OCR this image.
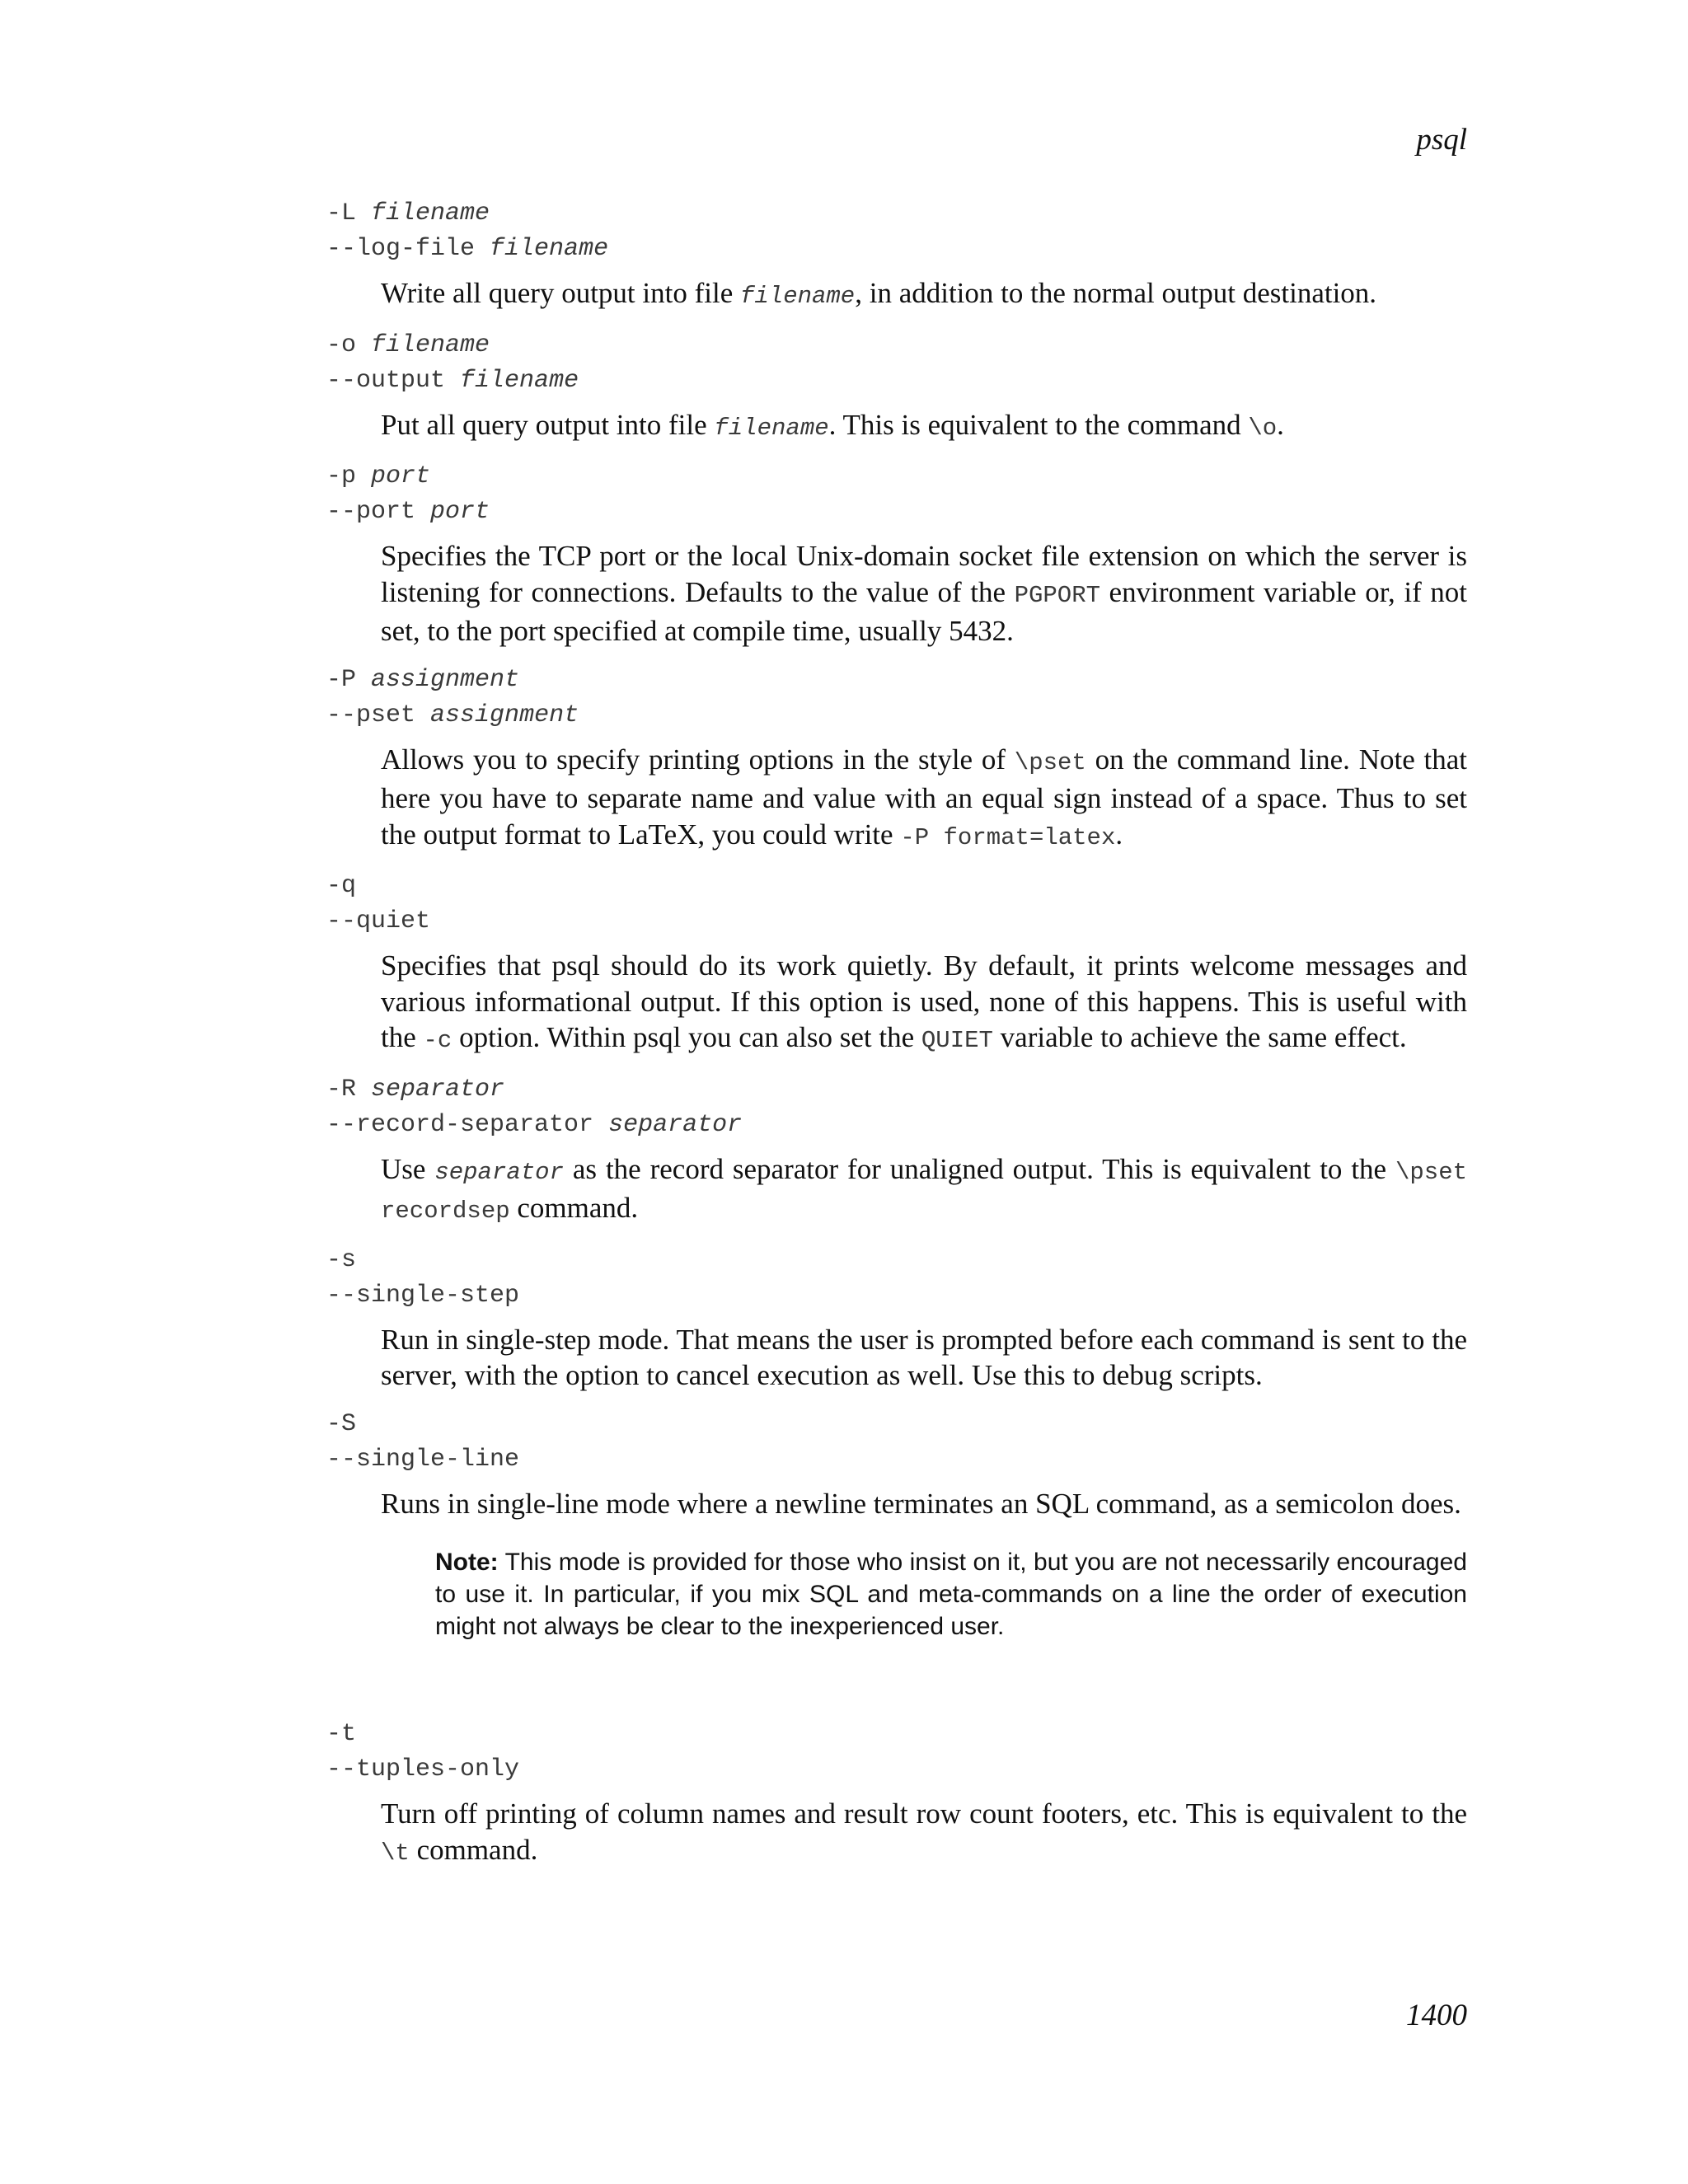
psql
-L filename
--log-file filename

Write all query output into file filename, in addition to the normal output destination.

-o filename
--output filename

Put all query output into file filename. This is equivalent to the command \o.

-p port
--port port

Specifies the TCP port or the local Unix-domain socket file extension on which the server is listening for connections. Defaults to the value of the PGPORT environment variable or, if not set, to the port specified at compile time, usually 5432.

-P assignment
--pset assignment

Allows you to specify printing options in the style of \pset on the command line. Note that here you have to separate name and value with an equal sign instead of a space. Thus to set the output format to LaTeX, you could write -P format=latex.

-q
--quiet

Specifies that psql should do its work quietly. By default, it prints welcome messages and various informational output. If this option is used, none of this happens. This is useful with the -c option. Within psql you can also set the QUIET variable to achieve the same effect.

-R separator
--record-separator separator

Use separator as the record separator for unaligned output. This is equivalent to the \pset recordsep command.

-s
--single-step

Run in single-step mode. That means the user is prompted before each command is sent to the server, with the option to cancel execution as well. Use this to debug scripts.

-S
--single-line

Runs in single-line mode where a newline terminates an SQL command, as a semicolon does.

Note: This mode is provided for those who insist on it, but you are not necessarily encouraged to use it. In particular, if you mix SQL and meta-commands on a line the order of execution might not always be clear to the inexperienced user.

-t
--tuples-only

Turn off printing of column names and result row count footers, etc. This is equivalent to the \t command.

1400
